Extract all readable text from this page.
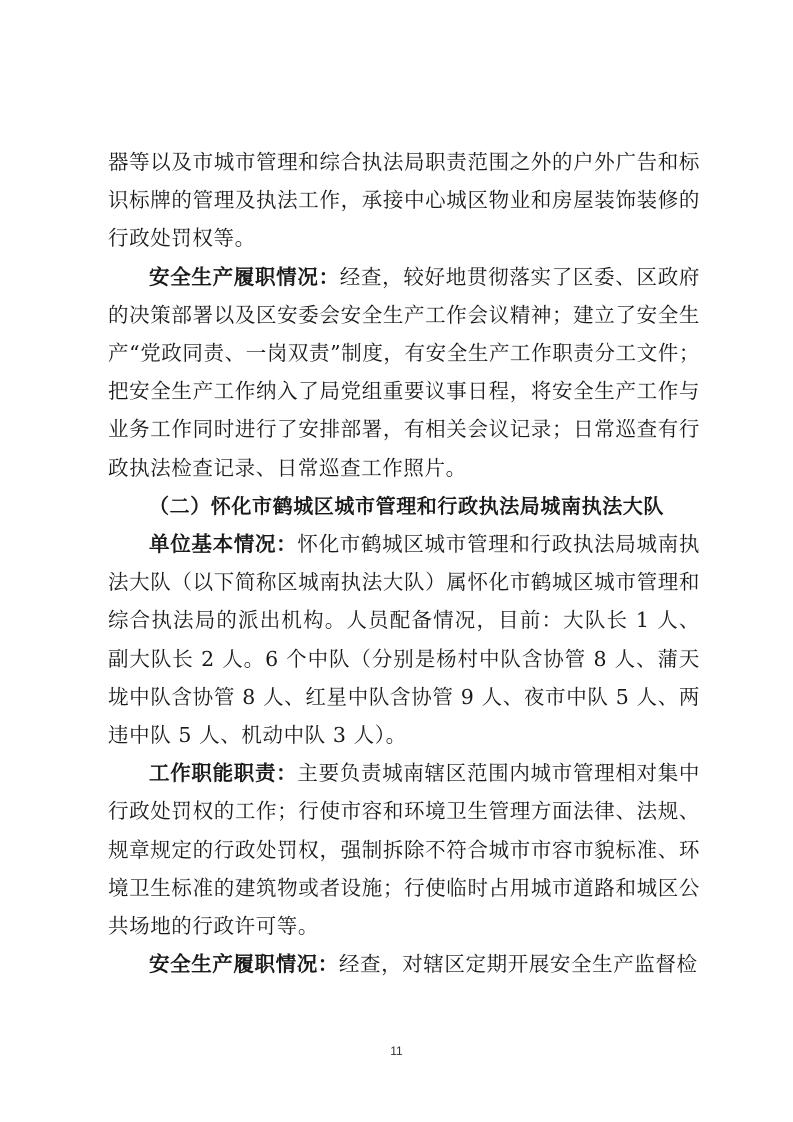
器等以及市城市管理和综合执法局职责范围之外的户外广告和标识标牌的管理及执法工作，承接中心城区物业和房屋装饰装修的行政处罚权等。

安全生产履职情况：经查，较好地贯彻落实了区委、区政府的决策部署以及区安委会安全生产工作会议精神；建立了安全生产“党政同责、一岗双责”制度，有安全生产工作职责分工文件；把安全生产工作纳入了局党组重要议事日程，将安全生产工作与业务工作同时进行了安排部署，有相关会议记录；日常巡查有行政执法检查记录、日常巡查工作照片。

（二）怀化市鹤城区城市管理和行政执法局城南执法大队

单位基本情况：怀化市鹤城区城市管理和行政执法局城南执法大队（以下简称区城南执法大队）属怀化市鹤城区城市管理和综合执法局的派出机构。人员配备情况，目前：大队长 1 人、副大队长 2 人。6 个中队（分别是杨村中队含协管 8 人、蒲天垅中队含协管 8 人、红星中队含协管 9 人、夜市中队 5 人、两违中队 5 人、机动中队 3 人）。

工作职能职责：主要负责城南辖区范围内城市管理相对集中行政处罚权的工作；行使市容和环境卫生管理方面法律、法规、规章规定的行政处罚权，强制拆除不符合城市市容市貌标准、环境卫生标准的建筑物或者设施；行使临时占用城市道路和城区公共场地的行政许可等。

安全生产履职情况：经查，对辖区定期开展安全生产监督检

11
